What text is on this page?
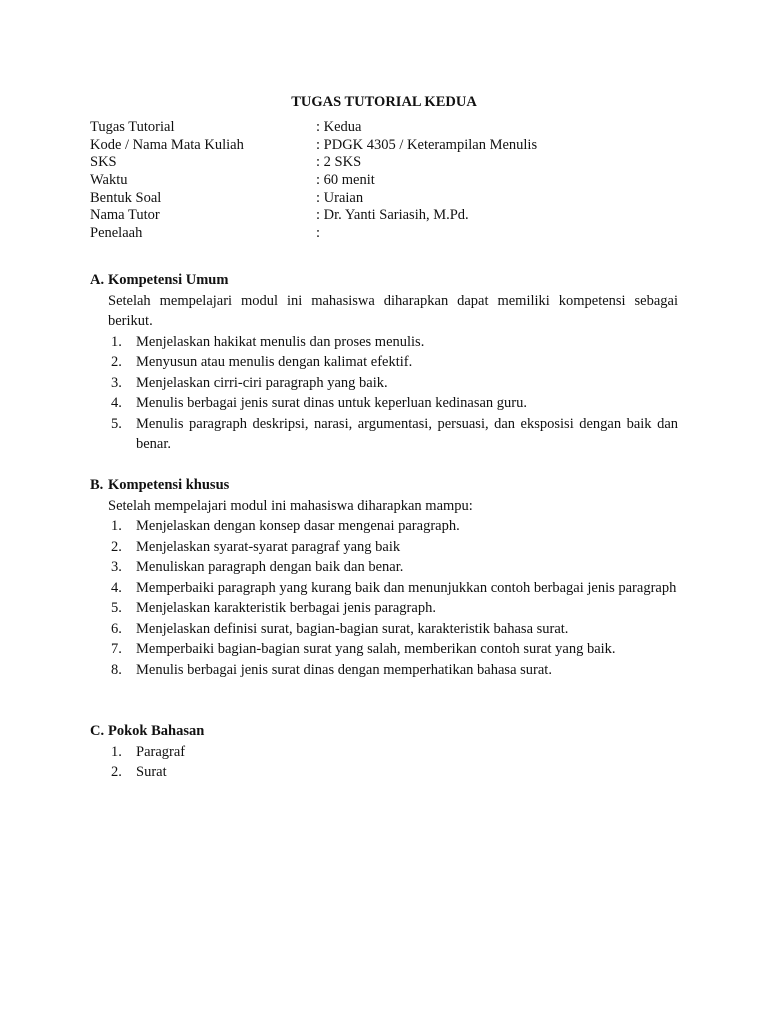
TUGAS TUTORIAL KEDUA
Tugas Tutorial	: Kedua
Kode / Nama Mata Kuliah	: PDGK 4305 / Keterampilan Menulis
SKS	: 2 SKS
Waktu	: 60 menit
Bentuk Soal	: Uraian
Nama Tutor	: Dr. Yanti Sariasih, M.Pd.
Penelaah	:
A. Kompetensi Umum
Setelah mempelajari modul ini mahasiswa diharapkan dapat memiliki kompetensi sebagai berikut.
1. Menjelaskan hakikat menulis dan proses menulis.
2. Menyusun atau menulis dengan kalimat efektif.
3. Menjelaskan cirri-ciri paragraph yang baik.
4. Menulis berbagai jenis surat dinas untuk keperluan kedinasan guru.
5. Menulis paragraph deskripsi, narasi, argumentasi, persuasi, dan eksposisi dengan baik dan benar.
B. Kompetensi khusus
Setelah mempelajari modul ini mahasiswa diharapkan mampu:
1. Menjelaskan dengan konsep dasar mengenai paragraph.
2. Menjelaskan syarat-syarat paragraf yang baik
3. Menuliskan paragraph dengan baik dan benar.
4. Memperbaiki paragraph yang kurang baik dan menunjukkan contoh berbagai jenis paragraph
5. Menjelaskan karakteristik berbagai jenis paragraph.
6. Menjelaskan definisi surat, bagian-bagian surat, karakteristik bahasa surat.
7. Memperbaiki bagian-bagian surat yang salah, memberikan contoh surat yang baik.
8. Menulis berbagai jenis surat dinas dengan memperhatikan bahasa surat.
C. Pokok Bahasan
1. Paragraf
2. Surat
